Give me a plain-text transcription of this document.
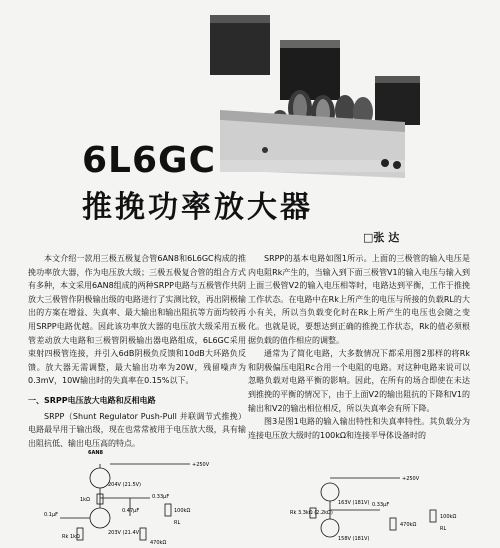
6L6GC
推挽功率放大器
□张 达

本文介绍一款用三极五极复合管6AN8和6L6GC构成的推挽功率放大器，作为电压放大级；三极五极复合管的组合方式有多种，本文采用6AN8组成的两种SRPP电路与五极管作共阴放大三极管作阴极输出级的电路进行了实测比较，再出阴极输出的方案在增益、失真率、最大输出和输出阻抗等方面均较再用SRPP电路优越。因此该功率放大器的电压放大级采用五极管差动放大电路和三极管阴极输出器电路组成，6L6GC采用束射四极管连接，并引入6dB阴极负反馈和10dB大环路负反馈。放大器无需调整，最大输出功率为20W，残留噪声为0.3mV，10W输出时的失真率在0.15%以下。

一、SRPP电压放大电路和反相电路

SRPP（Shunt Regulator Push-Pull 并联调节式推挽）电路最早用于输出级，现在也常常被用于电压放大级，具有输出阻抗低、输出电压高的特点。

SRPP的基本电路如图1所示。上面的三极管的输入电压是内电阻Rk产生的，当输入到下面三极管V1的输入电压与输入到上面三极管V2的输入电压相等时，电路达到平衡，工作于推挽工作状态。在电路中在Rk上所产生的电压与所接的负载RL的大小有关，所以当负载变化时在Rk上所产生的电压也会随之变化。也就是说，要想达到正确的推挽工作状态，Rk的值必须根据负载的值作相应的调整。

通常为了简化电路，大多数情况下都采用图2那样的将Rk和阴极偏压电阻Rc合用一个电阻的电路。对这种电路来说可以忽略负载对电路平衡的影响。因此，在所有的场合即使在未达到推挽的平衡的情况下，由于上面V2的输出阻抗的下降和V1的输出和V2的输出相位相反，所以失真率会有所下降。

图3是图1电路的输入输出特性和失真率特性。其负载分为连接电压放大级时的100kΩ和连接半导体设备时的

6AN8
+250V
1kΩ
204V (21.5V)
0.33μF
0.47μF
203V (21.4V)
0.1μF
Rk 1kΩ
100kΩ
RL
470kΩ
+250V
163V (181V)
Rk 3.3kΩ (2.2kΩ)
0.33μF
158V (181V)
470kΩ
100kΩ
RL
